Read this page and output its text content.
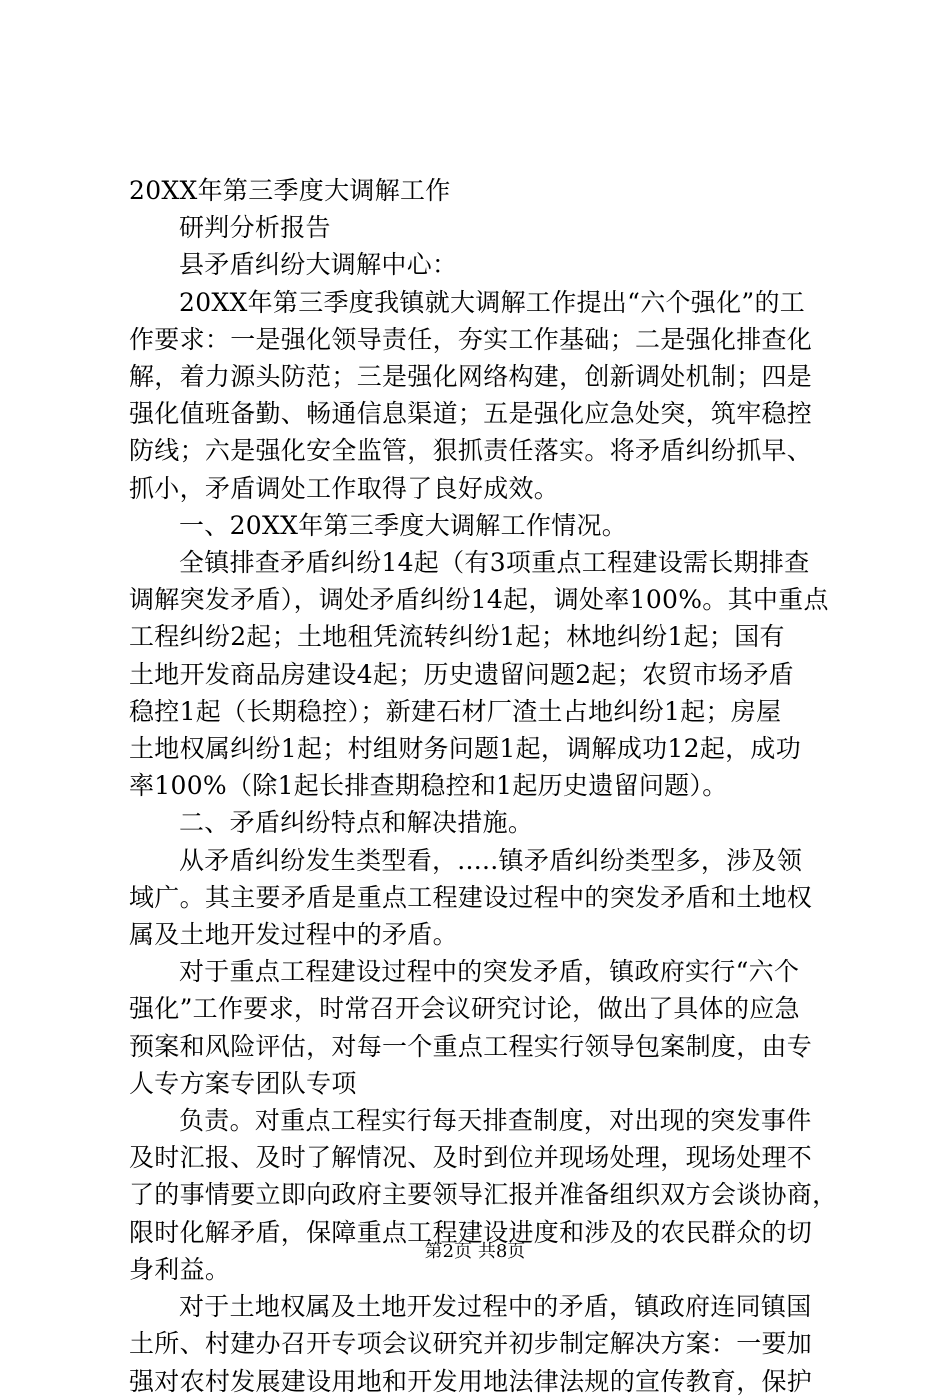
20XX年第三季度大调解工作
研判分析报告
县矛盾纠纷大调解中心：
20XX年第三季度我镇就大调解工作提出“六个强化”的工
作要求：一是强化领导责任，夯实工作基础；二是强化排查化
解，着力源头防范；三是强化网络构建，创新调处机制；四是
强化值班备勤、畅通信息渠道；五是强化应急处突，筑牢稳控
防线；六是强化安全监管，狠抓责任落实。将矛盾纠纷抓早、
抓小，矛盾调处工作取得了良好成效。
一、20XX年第三季度大调解工作情况。
全镇排查矛盾纠纷14起（有3项重点工程建设需长期排查
调解突发矛盾），调处矛盾纠纷14起，调处率100%。其中重点
工程纠纷2起；土地租凭流转纠纷1起；林地纠纷1起；国有
土地开发商品房建设4起；历史遗留问题2起；农贸市场矛盾
稳控1起（长期稳控）；新建石材厂渣土占地纠纷1起；房屋
土地权属纠纷1起；村组财务问题1起，调解成功12起，成功
率100%（除1起长排查期稳控和1起历史遗留问题）。
二、矛盾纠纷特点和解决措施。
从矛盾纠纷发生类型看，.....镇矛盾纠纷类型多，涉及领
域广。其主要矛盾是重点工程建设过程中的突发矛盾和土地权
属及土地开发过程中的矛盾。
对于重点工程建设过程中的突发矛盾，镇政府实行“六个
强化”工作要求，时常召开会议研究讨论，做出了具体的应急
预案和风险评估，对每一个重点工程实行领导包案制度，由专
人专方案专团队专项
负责。对重点工程实行每天排查制度，对出现的突发事件
及时汇报、及时了解情况、及时到位并现场处理，现场处理不
了的事情要立即向政府主要领导汇报并准备组织双方会谈协商，
限时化解矛盾，保障重点工程建设进度和涉及的农民群众的切
身利益。
对于土地权属及土地开发过程中的矛盾，镇政府连同镇国
土所、村建办召开专项会议研究并初步制定解决方案：一要加
强对农村发展建设用地和开发用地法律法规的宣传教育，保护
第2页 共8页
